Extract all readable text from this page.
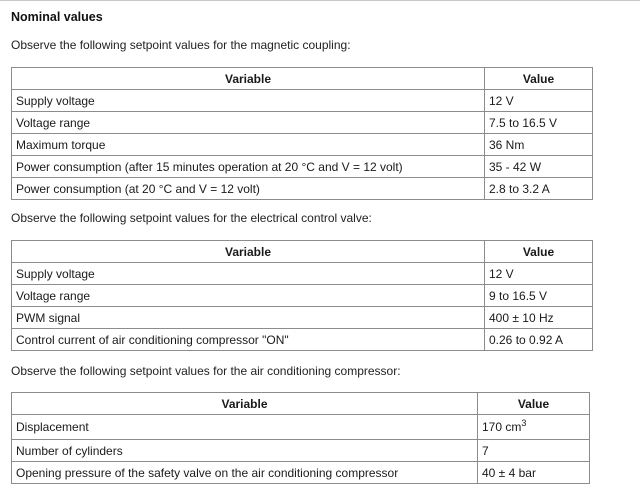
Nominal values
Observe the following setpoint values for the magnetic coupling:
Variable	Value
Supply voltage	12 V
Voltage range	7.5 to 16.5 V
Maximum torque	36 Nm
Power consumption (after 15 minutes operation at 20 °C and V = 12 volt)	35 - 42 W
Power consumption (at 20 °C and V = 12 volt)	2.8 to 3.2 A
Observe the following setpoint values for the electrical control valve:
Variable	Value
Supply voltage	12 V
Voltage range	9 to 16.5 V
PWM signal	400 ± 10 Hz
Control current of air conditioning compressor "ON"	0.26 to 0.92 A
Observe the following setpoint values for the air conditioning compressor:
Variable	Value
Displacement	170 $cm^3$
Number of cylinders	7
Opening pressure of the safety valve on the air conditioning compressor	40 ± 4 bar
